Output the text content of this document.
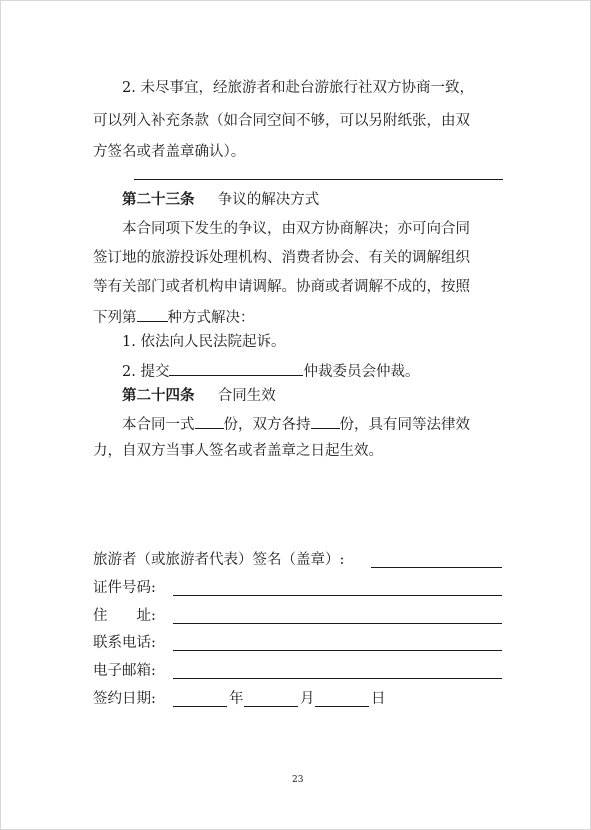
2. 未尽事宜，经旅游者和赴台游旅行社双方协商一致，
可以列入补充条款（如合同空间不够，可以另附纸张，由双
方签名或者盖章确认）。
第二十三条 争议的解决方式
本合同项下发生的争议，由双方协商解决；亦可向合同
签订地的旅游投诉处理机构、消费者协会、有关的调解组织
等有关部门或者机构申请调解。协商或者调解不成的，按照
下列第 种方式解决：
1. 依法向人民法院起诉。
2. 提交	仲裁委员会仲裁。
第二十四条 合同生效
本合同一式 份，双方各持 份，具有同等法律效
力，自双方当事人签名或者盖章之日起生效。
旅游者（或旅游者代表）签名（盖章）:
证件号码:
住　　址:
联系电话:
电子邮箱:
签约日期:	年	月	日
23
